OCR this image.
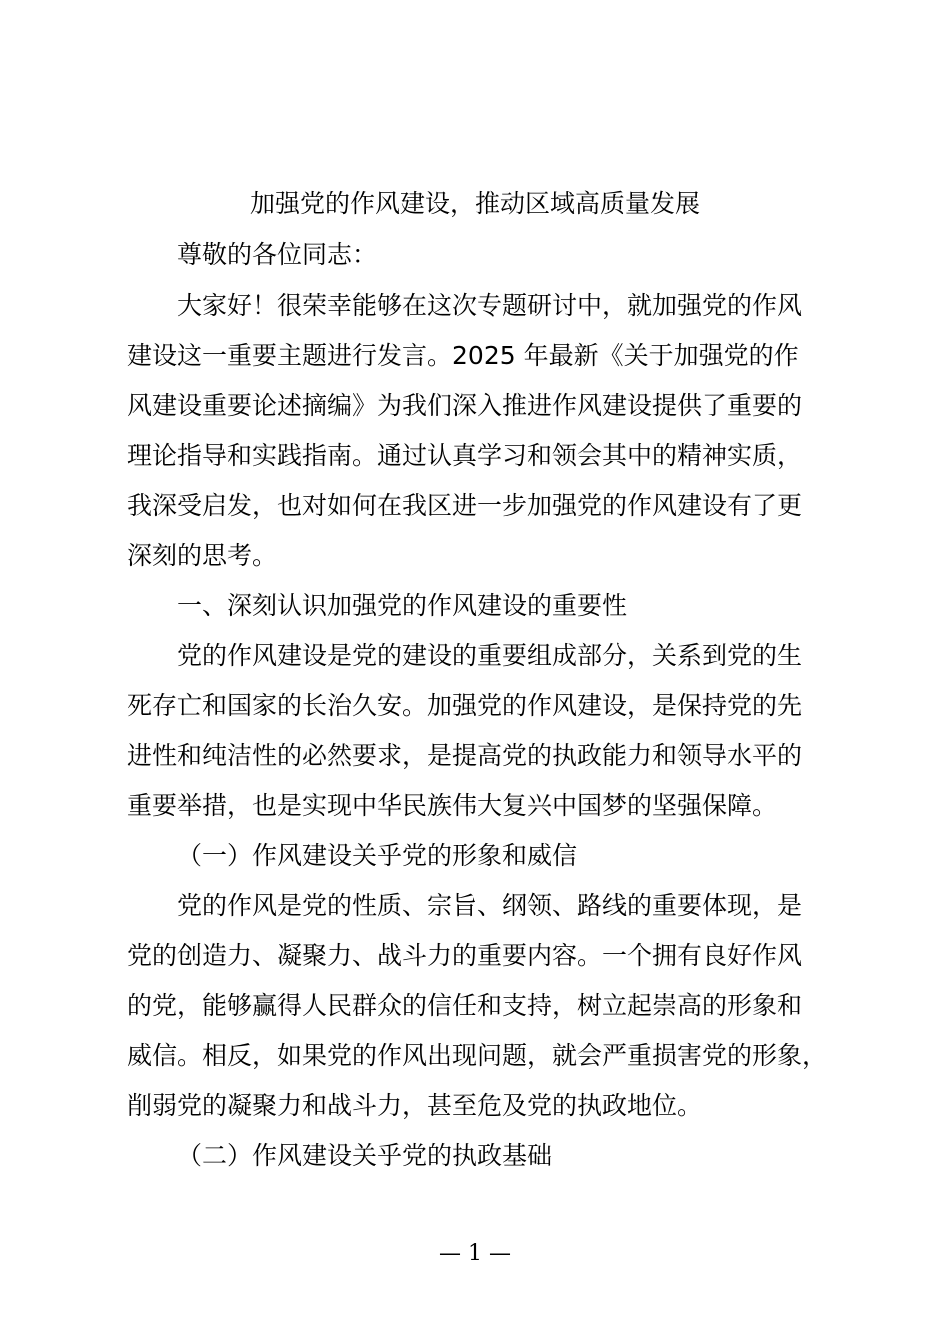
加强党的作风建设，推动区域高质量发展
尊敬的各位同志：
大家好！很荣幸能够在这次专题研讨中，就加强党的作风
建设这一重要主题进行发言。2025 年最新《关于加强党的作
风建设重要论述摘编》为我们深入推进作风建设提供了重要的
理论指导和实践指南。通过认真学习和领会其中的精神实质，
我深受启发，也对如何在我区进一步加强党的作风建设有了更
深刻的思考。
一、深刻认识加强党的作风建设的重要性
党的作风建设是党的建设的重要组成部分，关系到党的生
死存亡和国家的长治久安。加强党的作风建设，是保持党的先
进性和纯洁性的必然要求，是提高党的执政能力和领导水平的
重要举措，也是实现中华民族伟大复兴中国梦的坚强保障。
（一）作风建设关乎党的形象和威信
党的作风是党的性质、宗旨、纲领、路线的重要体现，是
党的创造力、凝聚力、战斗力的重要内容。一个拥有良好作风
的党，能够赢得人民群众的信任和支持，树立起崇高的形象和
威信。相反，如果党的作风出现问题，就会严重损害党的形象，
削弱党的凝聚力和战斗力，甚至危及党的执政地位。
（二）作风建设关乎党的执政基础
— 1 —
